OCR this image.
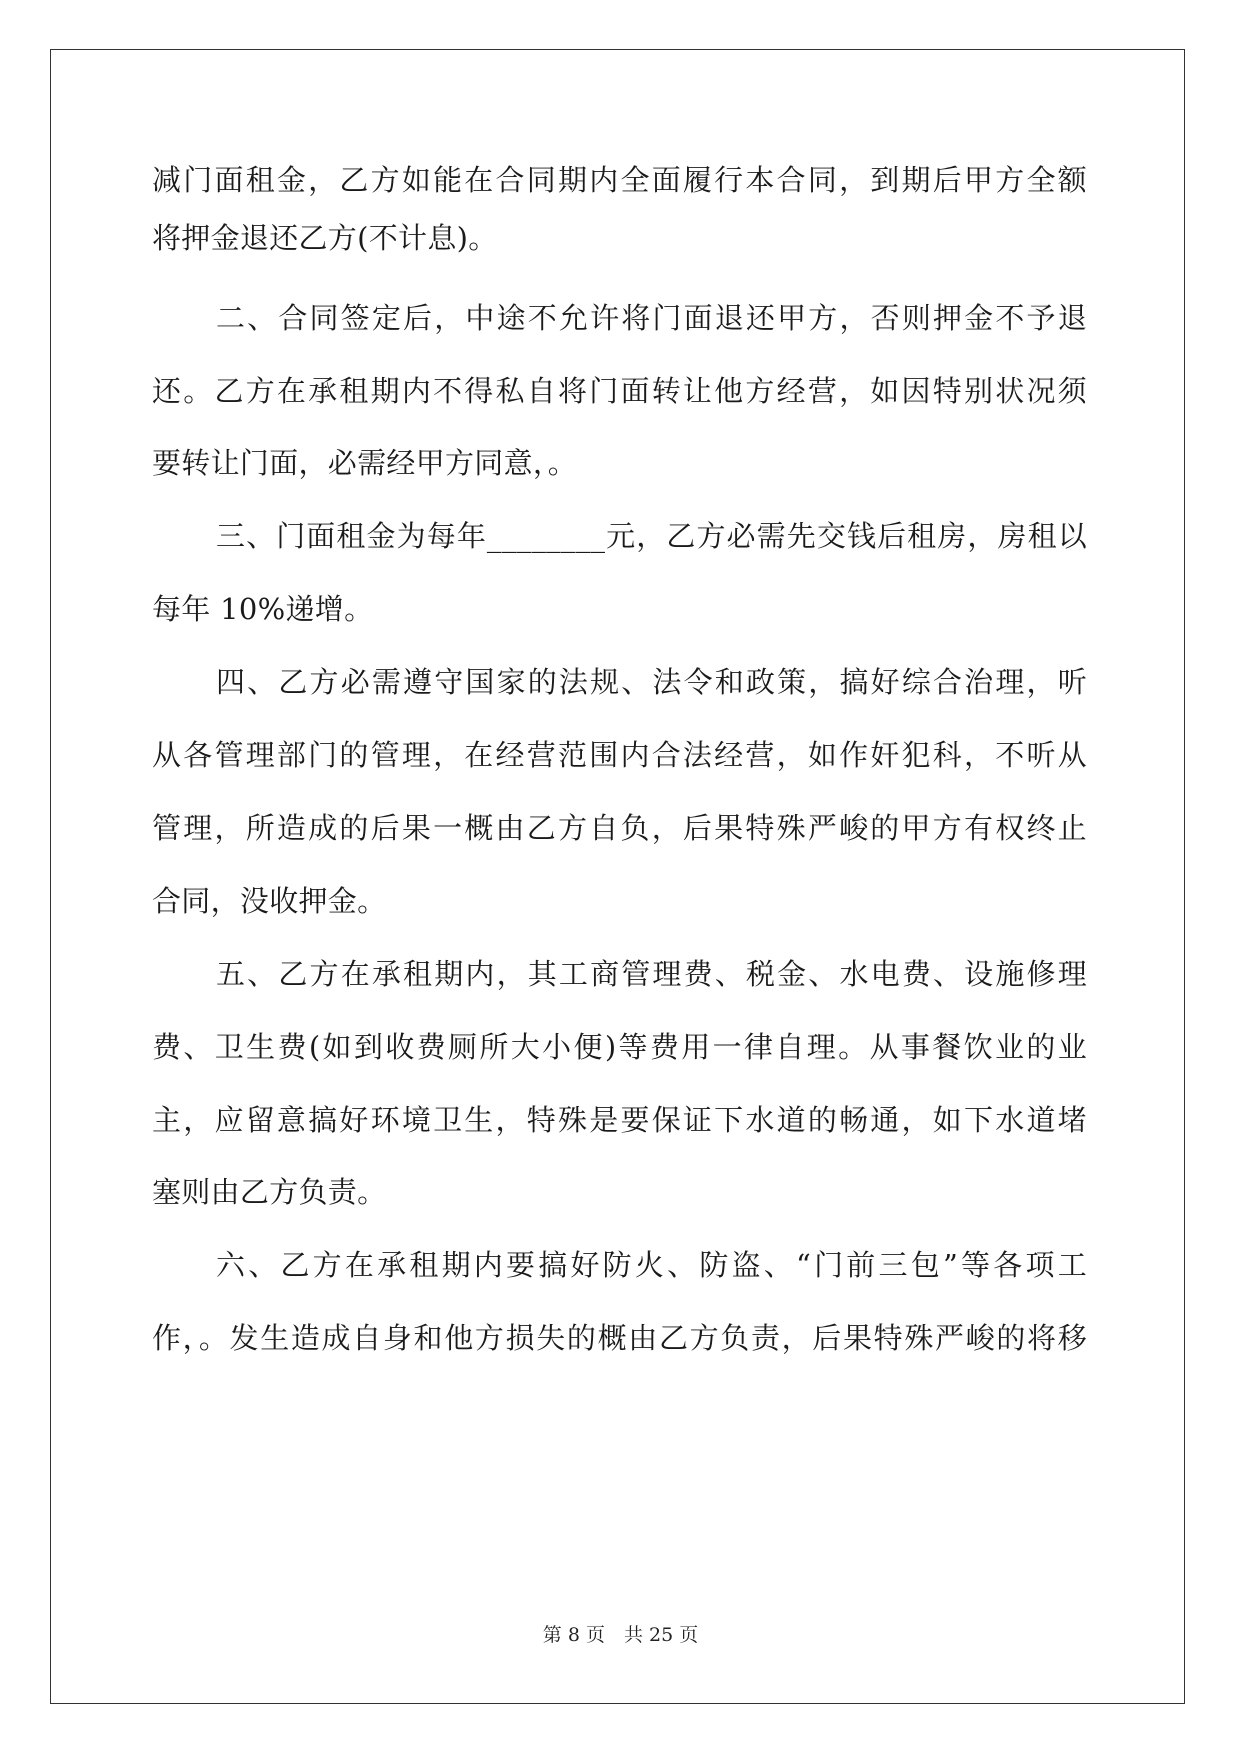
减门面租金，乙方如能在合同期内全面履行本合同，到期后甲方全额
将押金退还乙方(不计息)。
二、合同签定后，中途不允许将门面退还甲方，否则押金不予退
还。乙方在承租期内不得私自将门面转让他方经营，如因特别状况须
要转让门面，必需经甲方同意，。
三、门面租金为每年________元，乙方必需先交钱后租房，房租以
每年 10%递增。
四、乙方必需遵守国家的法规、法令和政策，搞好综合治理，听
从各管理部门的管理，在经营范围内合法经营，如作奸犯科，不听从
管理，所造成的后果一概由乙方自负，后果特殊严峻的甲方有权终止
合同，没收押金。
五、乙方在承租期内，其工商管理费、税金、水电费、设施修理
费、卫生费(如到收费厕所大小便)等费用一律自理。从事餐饮业的业
主，应留意搞好环境卫生，特殊是要保证下水道的畅通，如下水道堵
塞则由乙方负责。
六、乙方在承租期内要搞好防火、防盗、“门前三包”等各项工
作，。发生造成自身和他方损失的概由乙方负责，后果特殊严峻的将移
第 8 页　共 25 页
